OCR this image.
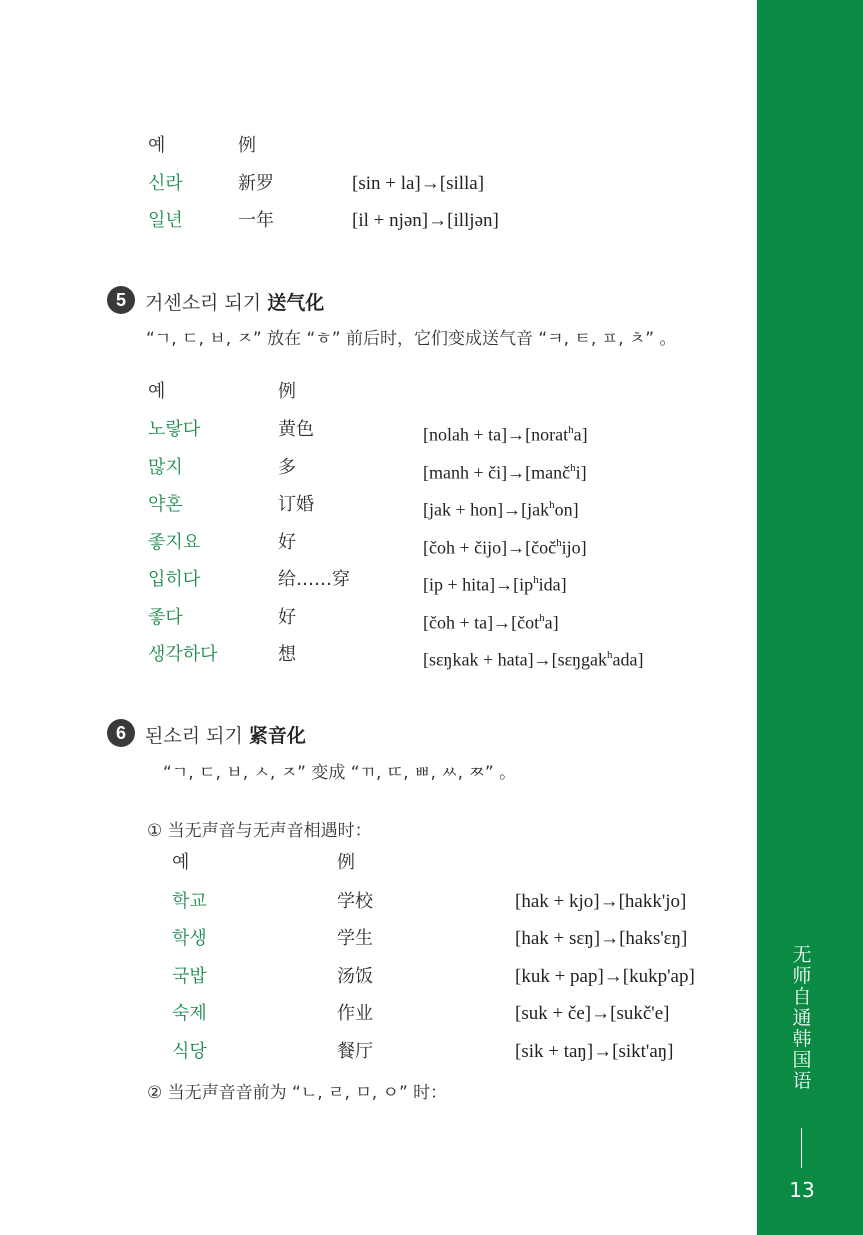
无
师
自
通
韩
国
语
13
예	例
신라	新罗	[sin + la]→[silla]
일년	一年	[il + njən]→[illjən]
5	거센소리 되기 送气化
“ㄱ, ㄷ, ㅂ, ㅈ” 放在 “ㅎ” 前后时，它们变成送气音 “ㅋ, ㅌ, ㅍ, ㅊ” 。
예	例
노랗다	黄色	[nolah + ta]→[norat$^h$a]
많지	多	[manh + či]→[manč$^h$i]
약혼	订婚	[jak + hon]→[jak$^h$on]
좋지요	好	[čoh + čijo]→[čoč$^h$ijo]
입히다	给……穿	$[ip + hita]\to[ip^hida]$
좋다	好	[čoh + ta]→[čot$^h$a]
생각하다	想	[sɛŋkak + hata]→[sɛŋgak$^h$ada]
6	된소리 되기 紧音化
“ㄱ, ㄷ, ㅂ, ㅅ, ㅈ” 变成 “ㄲ, ㄸ, ㅃ, ㅆ, ㅉ” 。
① 当无声音与无声音相遇时：
예	例
학교	学校	[hak + kjo]→[hakk'jo]
학생	学生	[hak + sɛŋ]→[haks'ɛŋ]
국밥	汤饭	[kuk + pap]→[kukp'ap]
숙제	作业	[suk + če]→[sukč'e]
식당	餐厅	[sik + taŋ]→[sikt'aŋ]
② 当无声音音前为 “ㄴ, ㄹ, ㅁ, ㅇ” 时：
